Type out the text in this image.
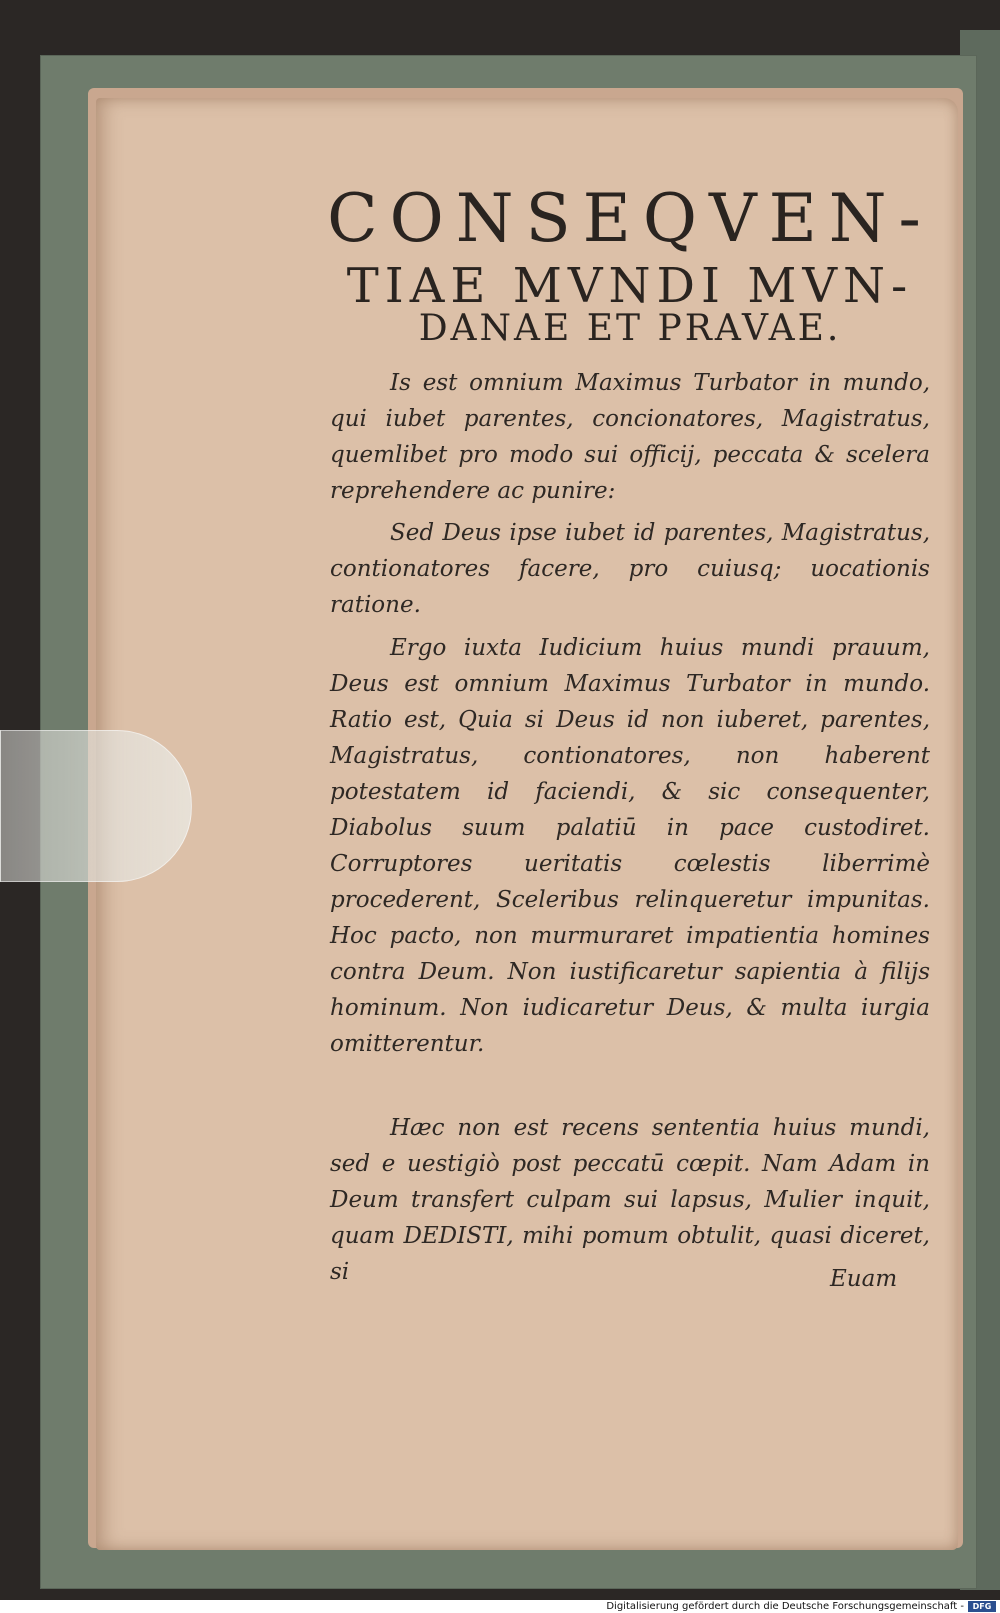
CONSEQVEN-
TIAE MVNDI MVN-
DANAE ET PRAVAE.

Is est omnium Maximus Turbator in mundo, qui iubet parentes, concionatores, Magistratus, quemlibet pro modo sui officij, peccata & scelera reprehendere ac punire:

Sed Deus ipse iubet id parentes, Magistratus, contionatores facere, pro cuiusq; uocationis ratione.

Ergo iuxta Iudicium huius mundi prauum, Deus est omnium Maximus Turbator in mundo. Ratio est, Quia si Deus id non iuberet, parentes, Magistratus, contionatores, non haberent potestatem id faciendi, & sic consequenter, Diabolus suum palatiū in pace custodiret. Corruptores ueritatis cœlestis liberrimè procederent, Sceleribus relinqueretur impunitas. Hoc pacto, non murmuraret impatientia homines contra Deum. Non iustificaretur sapientia à filijs hominum. Non iudicaretur Deus, & multa iurgia omitterentur.

Hæc non est recens sententia huius mundi, sed e uestigiò post peccatū cœpit. Nam Adam in Deum transfert culpam sui lapsus, Mulier inquit, quam DEDISTI, mihi pomum obtulit, quasi diceret, si	Euam
Digitalisierung gefördert durch die Deutsche Forschungsgemeinschaft -	DFG
